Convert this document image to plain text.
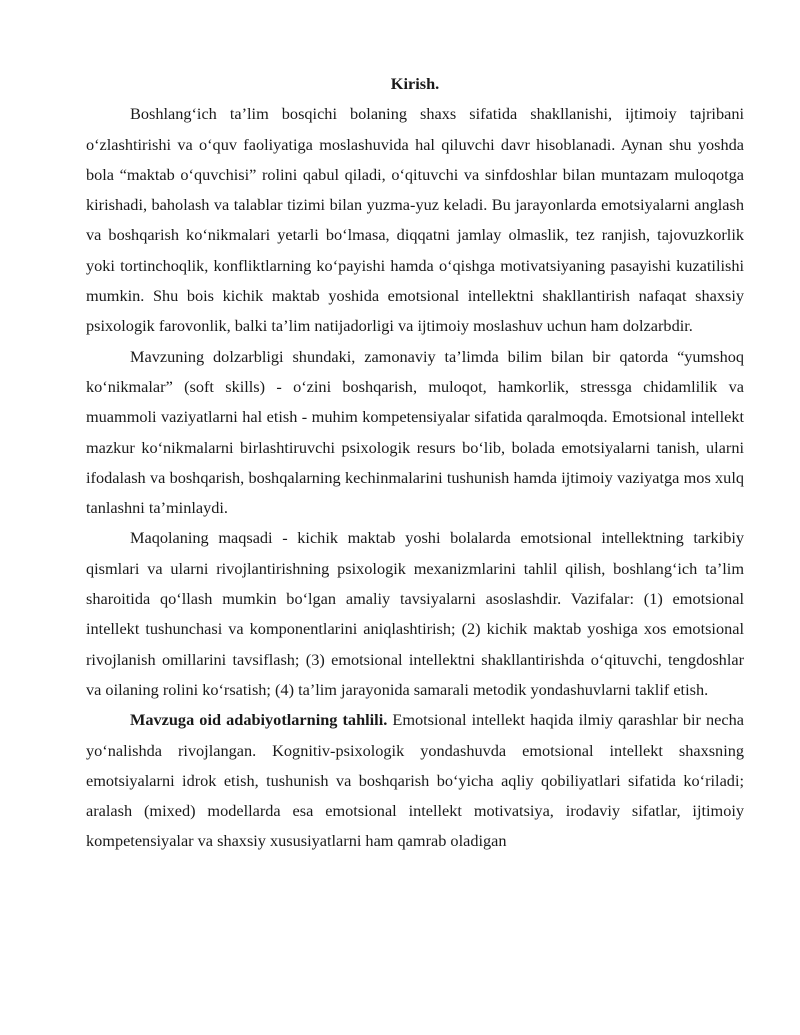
Kirish.

Boshlang‘ich ta’lim bosqichi bolaning shaxs sifatida shakllanishi, ijtimoiy tajribani o‘zlashtirishi va o‘quv faoliyatiga moslashuvida hal qiluvchi davr hisoblanadi. Aynan shu yoshda bola “maktab o‘quvchisi” rolini qabul qiladi, o‘qituvchi va sinfdoshlar bilan muntazam muloqotga kirishadi, baholash va talablar tizimi bilan yuzma-yuz keladi. Bu jarayonlarda emotsiyalarni anglash va boshqarish ko‘nikmalari yetarli bo‘lmasa, diqqatni jamlay olmaslik, tez ranjish, tajovuzkorlik yoki tortinchoqlik, konfliktlarning ko‘payishi hamda o‘qishga motivatsiyaning pasayishi kuzatilishi mumkin. Shu bois kichik maktab yoshida emotsional intellektni shakllantirish nafaqat shaxsiy psixologik farovonlik, balki ta’lim natijadorligi va ijtimoiy moslashuv uchun ham dolzarbdir.

Mavzuning dolzarbligi shundaki, zamonaviy ta’limda bilim bilan bir qatorda “yumshoq ko‘nikmalar” (soft skills) - o‘zini boshqarish, muloqot, hamkorlik, stressga chidamlilik va muammoli vaziyatlarni hal etish - muhim kompetensiyalar sifatida qaralmoqda. Emotsional intellekt mazkur ko‘nikmalarni birlashtiruvchi psixologik resurs bo‘lib, bolada emotsiyalarni tanish, ularni ifodalash va boshqarish, boshqalarning kechinmalarini tushunish hamda ijtimoiy vaziyatga mos xulq tanlashni ta’minlaydi.

Maqolaning maqsadi - kichik maktab yoshi bolalarda emotsional intellektning tarkibiy qismlari va ularni rivojlantirishning psixologik mexanizmlarini tahlil qilish, boshlang‘ich ta’lim sharoitida qo‘llash mumkin bo‘lgan amaliy tavsiyalarni asoslashdir. Vazifalar: (1) emotsional intellekt tushunchasi va komponentlarini aniqlashtirish; (2) kichik maktab yoshiga xos emotsional rivojlanish omillarini tavsiflash; (3) emotsional intellektni shakllantirishda o‘qituvchi, tengdoshlar va oilaning rolini ko‘rsatish; (4) ta’lim jarayonida samarali metodik yondashuvlarni taklif etish.

Mavzuga oid adabiyotlarning tahlili. Emotsional intellekt haqida ilmiy qarashlar bir necha yo‘nalishda rivojlangan. Kognitiv-psixologik yondashuvda emotsional intellekt shaxsning emotsiyalarni idrok etish, tushunish va boshqarish bo‘yicha aqliy qobiliyatlari sifatida ko‘riladi; aralash (mixed) modellarda esa emotsional intellekt motivatsiya, irodaviy sifatlar, ijtimoiy kompetensiyalar va shaxsiy xususiyatlarni ham qamrab oladigan
